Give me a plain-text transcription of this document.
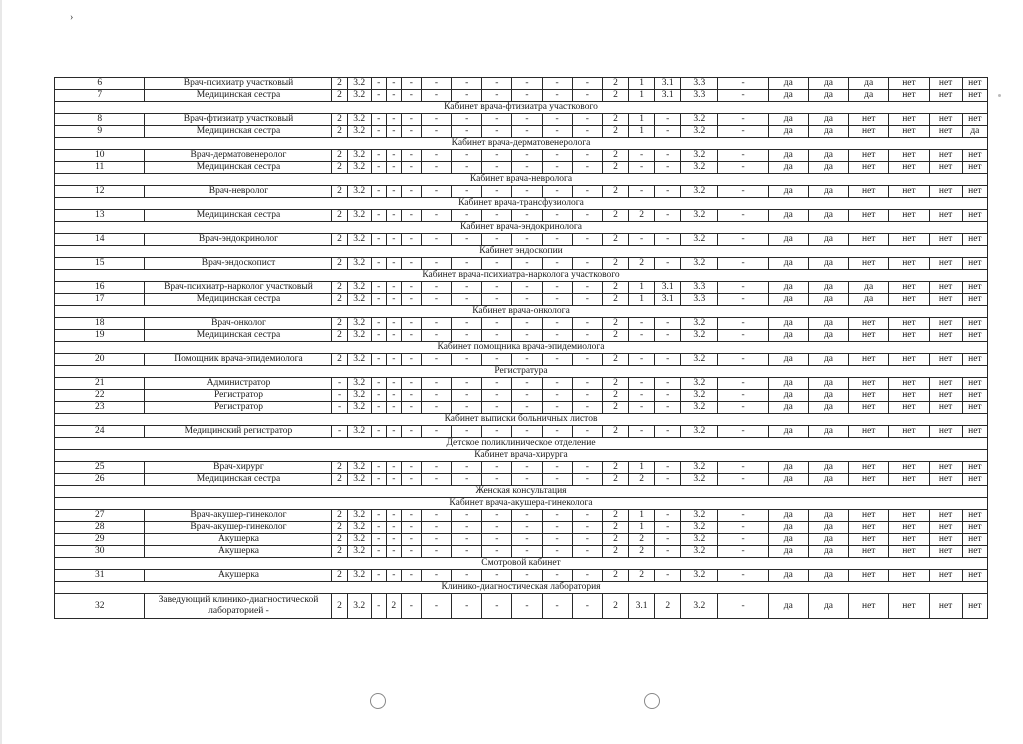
›
6	Врач-психиатр участковый	2	3.2	-	-	-	-	-	-	-	-	-	2	1	3.1	3.3	-	да	да	да	нет	нет	нет
7	Медицинская сестра	2	3.2	-	-	-	-	-	-	-	-	-	2	1	3.1	3.3	-	да	да	да	нет	нет	нет
Кабинет врача-фтизиатра участкового																							
8	Врач-фтизиатр участковый	2	3.2	-	-	-	-	-	-	-	-	-	2	1	-	3.2	-	да	да	нет	нет	нет	нет
9	Медицинская сестра	2	3.2	-	-	-	-	-	-	-	-	-	2	1	-	3.2	-	да	да	нет	нет	нет	да
Кабинет врача-дерматовенеролога																							
10	Врач-дерматовенеролог	2	3.2	-	-	-	-	-	-	-	-	-	2	-	-	3.2	-	да	да	нет	нет	нет	нет
11	Медицинская сестра	2	3.2	-	-	-	-	-	-	-	-	-	2	-	-	3.2	-	да	да	нет	нет	нет	нет
Кабинет врача-невролога																							
12	Врач-невролог	2	3.2	-	-	-	-	-	-	-	-	-	2	-	-	3.2	-	да	да	нет	нет	нет	нет
Кабинет врача-трансфузиолога																							
13	Медицинская сестра	2	3.2	-	-	-	-	-	-	-	-	-	2	2	-	3.2	-	да	да	нет	нет	нет	нет
Кабинет врача-эндокринолога																							
14	Врач-эндокринолог	2	3.2	-	-	-	-	-	-	-	-	-	2	-	-	3.2	-	да	да	нет	нет	нет	нет
Кабинет эндоскопии																							
15	Врач-эндоскопист	2	3.2	-	-	-	-	-	-	-	-	-	2	2	-	3.2	-	да	да	нет	нет	нет	нет
Кабинет врача-психиатра-нарколога участкового																							
16	Врач-психиатр-нарколог участковый	2	3.2	-	-	-	-	-	-	-	-	-	2	1	3.1	3.3	-	да	да	да	нет	нет	нет
17	Медицинская сестра	2	3.2	-	-	-	-	-	-	-	-	-	2	1	3.1	3.3	-	да	да	да	нет	нет	нет
Кабинет врача-онколога																							
18	Врач-онколог	2	3.2	-	-	-	-	-	-	-	-	-	2	-	-	3.2	-	да	да	нет	нет	нет	нет
19	Медицинская сестра	2	3.2	-	-	-	-	-	-	-	-	-	2	-	-	3.2	-	да	да	нет	нет	нет	нет
Кабинет помощника врача-эпидемиолога																							
20	Помощник врача-эпидемиолога	2	3.2	-	-	-	-	-	-	-	-	-	2	-	-	3.2	-	да	да	нет	нет	нет	нет
Регистратура																							
21	Администратор	-	3.2	-	-	-	-	-	-	-	-	-	2	-	-	3.2	-	да	да	нет	нет	нет	нет
22	Регистратор	-	3.2	-	-	-	-	-	-	-	-	-	2	-	-	3.2	-	да	да	нет	нет	нет	нет
23	Регистратор	-	3.2	-	-	-	-	-	-	-	-	-	2	-	-	3.2	-	да	да	нет	нет	нет	нет
Кабинет выписки больничных листов																							
24	Медицинский регистратор	-	3.2	-	-	-	-	-	-	-	-	-	2	-	-	3.2	-	да	да	нет	нет	нет	нет
Детское поликлиническое отделение																							
Кабинет врача-хирурга																							
25	Врач-хирург	2	3.2	-	-	-	-	-	-	-	-	-	2	1	-	3.2	-	да	да	нет	нет	нет	нет
26	Медицинская сестра	2	3.2	-	-	-	-	-	-	-	-	-	2	2	-	3.2	-	да	да	нет	нет	нет	нет
Женская консультация																							
Кабинет врача-акушера-гинеколога																							
27	Врач-акушер-гинеколог	2	3.2	-	-	-	-	-	-	-	-	-	2	1	-	3.2	-	да	да	нет	нет	нет	нет
28	Врач-акушер-гинеколог	2	3.2	-	-	-	-	-	-	-	-	-	2	1	-	3.2	-	да	да	нет	нет	нет	нет
29	Акушерка	2	3.2	-	-	-	-	-	-	-	-	-	2	2	-	3.2	-	да	да	нет	нет	нет	нет
30	Акушерка	2	3.2	-	-	-	-	-	-	-	-	-	2	2	-	3.2	-	да	да	нет	нет	нет	нет
Смотровой кабинет																							
31	Акушерка	2	3.2	-	-	-	-	-	-	-	-	-	2	2	-	3.2	-	да	да	нет	нет	нет	нет
Клинико-диагностическая лаборатория																							
32	Заведующий клинико-диагностической лабораторией -	2	3.2	-	2	-	-	-	-	-	-	-	2	3.1	2	3.2	-	да	да	нет	нет	нет	нет
